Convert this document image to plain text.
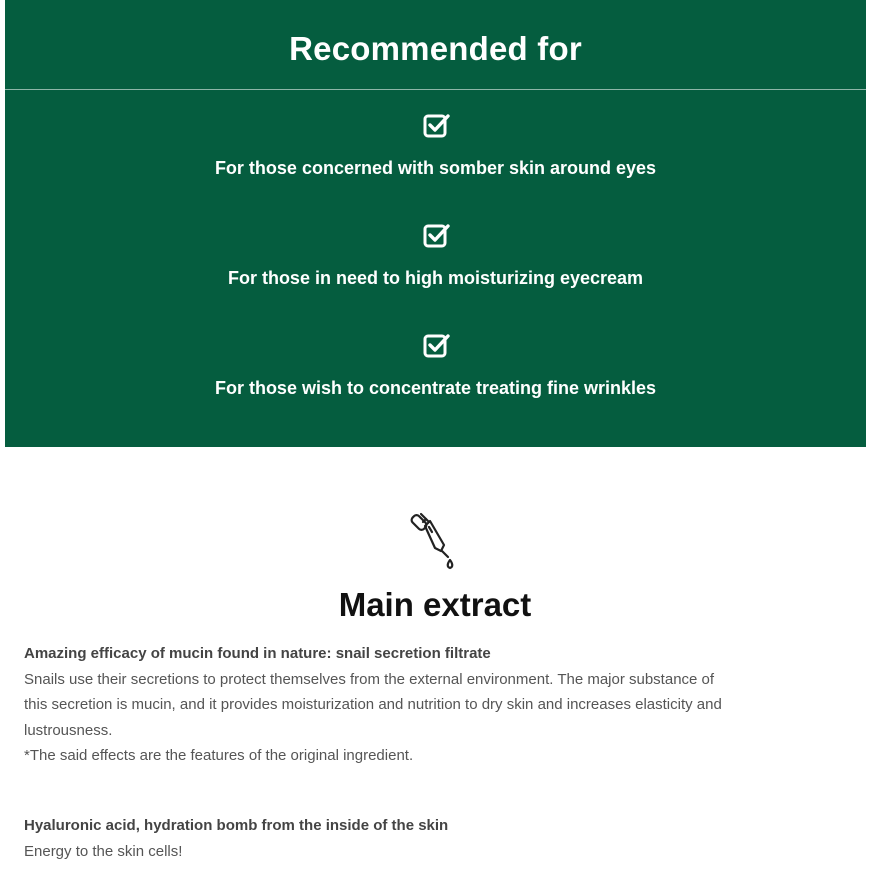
Recommended for
For those concerned with somber skin around eyes
For those in need to high moisturizing eyecream
For those wish to concentrate treating fine wrinkles
Main extract
Amazing efficacy of mucin found in nature: snail secretion filtrate
Snails use their secretions to protect themselves from the external environment. The major substance of
this secretion is mucin, and it provides moisturization and nutrition to dry skin and increases elasticity and
lustrousness.
*The said effects are the features of the original ingredient.
Hyaluronic acid, hydration bomb from the inside of the skin
Energy to the skin cells!
